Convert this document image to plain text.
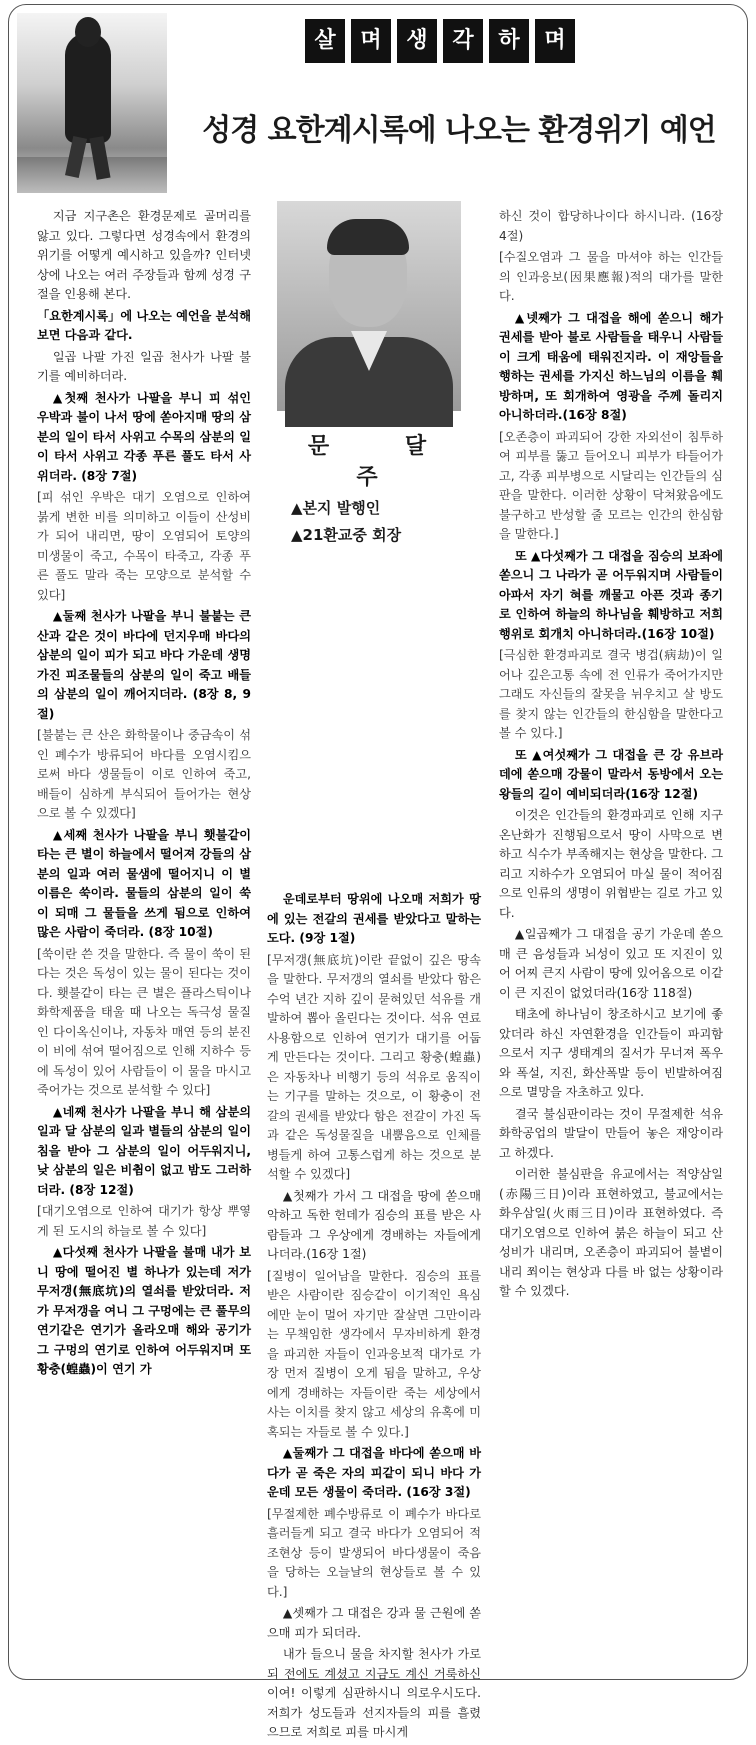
살	며	생	각	하	며
성경 요한계시록에 나오는 환경위기 예언
문 달 주
▲본지 발행인
▲21환교중 회장

지금 지구촌은 환경문제로 골머리를 앓고 있다. 그렇다면 성경속에서 환경의 위기를 어떻게 예시하고 있을까? 인터넷상에 나오는 여러 주장들과 함께 성경 구절을 인용해 본다.

「요한계시록」에 나오는 예언을 분석해 보면 다음과 같다.

일곱 나팔 가진 일곱 천사가 나팔 불기를 예비하더라.

▲첫째 천사가 나팔을 부니 피 섞인 우박과 불이 나서 땅에 쏟아지매 땅의 삼분의 일이 타서 사위고 수목의 삼분의 일이 타서 사위고 각종 푸른 풀도 타서 사위더라. (8장 7절)

[피 섞인 우박은 대기 오염으로 인하여 붉게 변한 비를 의미하고 이들이 산성비가 되어 내리면, 땅이 오염되어 토양의 미생물이 죽고, 수목이 타죽고, 각종 푸른 풀도 말라 죽는 모양으로 분석할 수 있다]

▲둘째 천사가 나팔을 부니 불붙는 큰 산과 같은 것이 바다에 던지우매 바다의 삼분의 일이 피가 되고 바다 가운데 생명 가진 피조물들의 삼분의 일이 죽고 배들의 삼분의 일이 깨어지더라. (8장 8, 9절)

[불붙는 큰 산은 화학물이나 중금속이 섞인 폐수가 방류되어 바다를 오염시킴으로써 바다 생물들이 이로 인하여 죽고, 배들이 심하게 부식되어 들어가는 현상으로 볼 수 있겠다]

▲세째 천사가 나팔을 부니 횃불같이 타는 큰 별이 하늘에서 떨어져 강들의 삼분의 일과 여러 물샘에 떨어지니 이 별 이름은 쑥이라. 물들의 삼분의 일이 쑥이 되매 그 물들을 쓰게 됨으로 인하여 많은 사람이 죽더라. (8장 10절)

[쑥이란 쓴 것을 말한다. 즉 물이 쑥이 된다는 것은 독성이 있는 물이 된다는 것이다. 횃불같이 타는 큰 별은 플라스틱이나 화학제품을 태울 때 나오는 독극성 물질인 다이옥신이나, 자동차 매연 등의 분진이 비에 섞여 떨어짐으로 인해 지하수 등에 독성이 있어 사람들이 이 물을 마시고 죽어가는 것으로 분석할 수 있다]

▲네째 천사가 나팔을 부니 해 삼분의 일과 달 삼분의 일과 별들의 삼분의 일이 침을 받아 그 삼분의 일이 어두워지니, 낮 삼분의 일은 비췸이 없고 밤도 그러하더라. (8장 12절)

[대기오염으로 인하여 대기가 항상 뿌옇게 된 도시의 하늘로 볼 수 있다]

▲다섯째 천사가 나팔을 불매 내가 보니 땅에 떨어진 별 하나가 있는데 저가 무저갱(無底坑)의 열쇠를 받았더라. 저가 무저갱을 여니 그 구멍에는 큰 풀무의 연기같은 연기가 올라오매 해와 공기가 그 구멍의 연기로 인하여 어두워지며 또 황충(蝗蟲)이 연기 가

운데로부터 땅위에 나오매 저희가 땅에 있는 전갈의 권세를 받았다고 말하는 도다. (9장 1절)

[무저갱(無底坑)이란 끝없이 깊은 땅속을 말한다. 무저갱의 열쇠를 받았다 함은 수억 년간 지하 깊이 묻혀있던 석유를 개발하여 뽑아 올린다는 것이다. 석유 연료 사용함으로 인하여 연기가 대기를 어둡게 만든다는 것이다. 그리고 황충(蝗蟲)은 자동차나 비행기 등의 석유로 움직이는 기구를 말하는 것으로, 이 황충이 전갈의 권세를 받았다 함은 전갈이 가진 독과 같은 독성물질을 내뿜음으로 인체를 병들게 하여 고통스럽게 하는 것으로 분석할 수 있겠다]

▲첫째가 가서 그 대접을 땅에 쏟으매 악하고 독한 헌데가 짐승의 표를 받은 사람들과 그 우상에게 경배하는 자들에게 나더라.(16장 1절)

[질병이 일어남을 말한다. 짐승의 표를 받은 사람이란 짐승같이 이기적인 욕심에만 눈이 멀어 자기만 잘살면 그만이라는 무책임한 생각에서 무자비하게 환경을 파괴한 자들이 인과응보적 대가로 가장 먼저 질병이 오게 됨을 말하고, 우상에게 경배하는 자들이란 죽는 세상에서 사는 이치를 찾지 않고 세상의 유혹에 미혹되는 자들로 볼 수 있다.]

▲둘째가 그 대접을 바다에 쏟으매 바다가 곧 죽은 자의 피같이 되니 바다 가운데 모든 생물이 죽더라. (16장 3절)

[무절제한 폐수방류로 이 폐수가 바다로 흘러들게 되고 결국 바다가 오염되어 적조현상 등이 발생되어 바다생물이 죽음을 당하는 오늘날의 현상들로 볼 수 있다.]

▲셋째가 그 대접은 강과 물 근원에 쏟으매 피가 되더라.

내가 들으니 물을 차지할 천사가 가로되 전에도 계셨고 지금도 계신 거룩하신 이여! 이렇게 심판하시니 의로우시도다. 저희가 성도들과 선지자들의 피를 흘렸으므로 저희로 피를 마시게

하신 것이 합당하나이다 하시니라. (16장 4절)

[수질오염과 그 물을 마셔야 하는 인간들의 인과응보(因果應報)적의 대가를 말한다.

▲넷째가 그 대접을 해에 쏟으니 해가 권세를 받아 불로 사람들을 태우니 사람들이 크게 태움에 태워진지라. 이 재앙들을 행하는 권세를 가지신 하느님의 이름을 훼방하며, 또 회개하여 영광을 주께 돌리지 아니하더라.(16장 8절)

[오존층이 파괴되어 강한 자외선이 침투하여 피부를 뚫고 들어오니 피부가 타들어가고, 각종 피부병으로 시달리는 인간들의 심판을 말한다. 이러한 상황이 닥쳐왔음에도 불구하고 반성할 줄 모르는 인간의 한심함을 말한다.]

또 ▲다섯째가 그 대접을 짐승의 보좌에 쏟으니 그 나라가 곧 어두워지며 사람들이 아파서 자기 혀를 깨물고 아픈 것과 종기로 인하여 하늘의 하나님을 훼방하고 저희 행위로 회개치 아니하더라.(16장 10절)

[극심한 환경파괴로 결국 병겁(病劫)이 일어나 깊은고통 속에 전 인류가 죽어가지만 그래도 자신들의 잘못을 뉘우치고 살 방도를 찾지 않는 인간들의 한심함을 말한다고 볼 수 있다.]

또 ▲여섯째가 그 대접을 큰 강 유브라데에 쏟으매 강물이 말라서 동방에서 오는 왕들의 길이 예비되더라(16장 12절)

이것은 인간들의 환경파괴로 인해 지구온난화가 진행됨으로서 땅이 사막으로 변하고 식수가 부족해지는 현상을 말한다. 그리고 지하수가 오염되어 마실 물이 적어짐으로 인류의 생명이 위협받는 길로 가고 있다.

▲일곱째가 그 대접을 공기 가운데 쏟으매 큰 음성들과 뇌성이 있고 또 지진이 있어 어찌 큰지 사람이 땅에 있어옴으로 이같이 큰 지진이 없었더라(16장 118절)

태초에 하나님이 창조하시고 보기에 좋았더라 하신 자연환경을 인간들이 파괴함으로서 지구 생태계의 질서가 무너져 폭우와 폭설, 지진, 화산폭발 등이 빈발하여짐으로 멸망을 자초하고 있다.

결국 불심판이라는 것이 무절제한 석유화학공업의 발달이 만들어 놓은 재앙이라고 하겠다.

이러한 불심판을 유교에서는 적양삼일(赤陽三日)이라 표현하였고, 불교에서는 화우삼일(火雨三日)이라 표현하였다. 즉 대기오염으로 인하여 붉은 하늘이 되고 산성비가 내리며, 오존층이 파괴되어 불볕이 내리 쬐이는 현상과 다를 바 없는 상황이라 할 수 있겠다.
